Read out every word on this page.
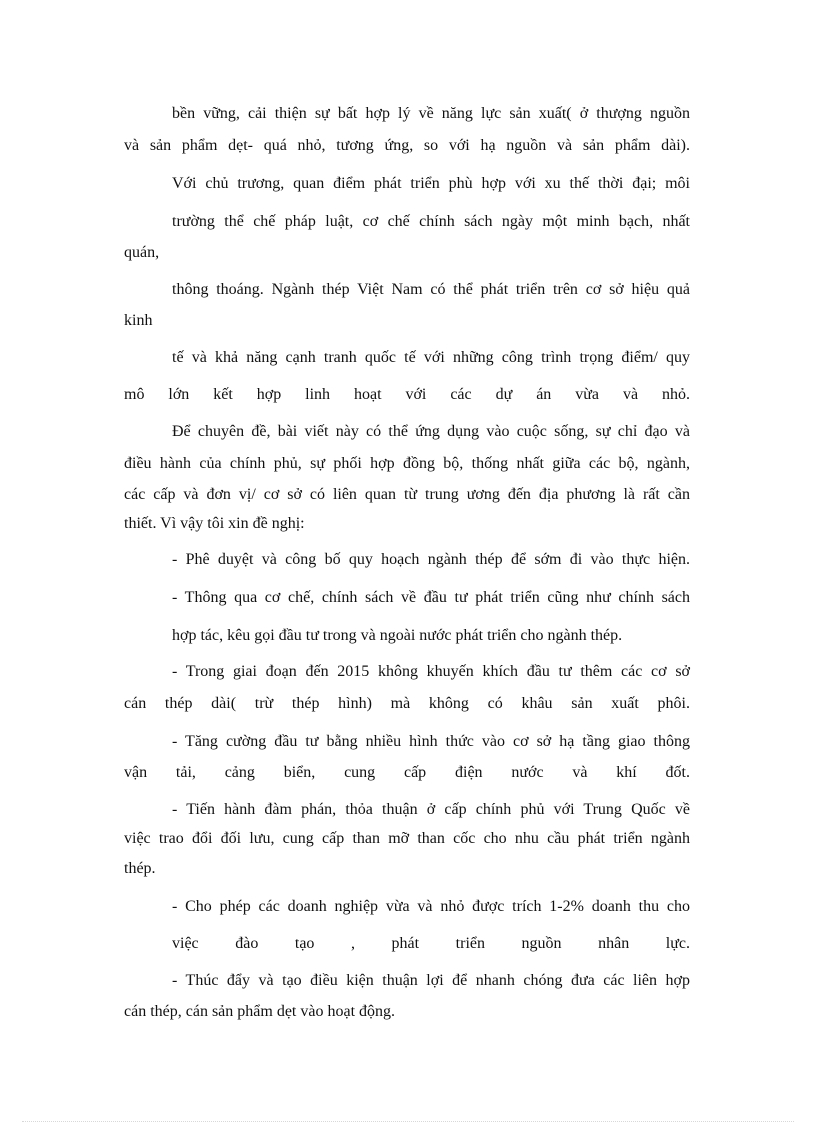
bền vững, cải thiện sự bất hợp lý về năng lực sản xuất( ở thượng nguồn
và sản phẩm dẹt- quá nhỏ, tương ứng, so với hạ nguồn và sản phẩm dài).
Với chủ trương, quan điểm phát triển phù hợp với xu thế thời đại; môi
trường thể chế pháp luật, cơ chế chính sách ngày một minh bạch, nhất
quán,
thông thoáng. Ngành thép Việt Nam có thể phát triển trên cơ sở hiệu quả
kinh
tế và khả năng cạnh tranh quốc tế với những công trình trọng điểm/ quy
mô lớn kết hợp linh hoạt với các dự án vừa và nhỏ.
Để chuyên đề, bài viết này có thể ứng dụng vào cuộc sống, sự chỉ đạo và
điều hành của chính phủ, sự phối hợp đồng bộ, thống nhất giữa các bộ, ngành,
các cấp và đơn vị/ cơ sở có liên quan từ trung ương đến địa phương là rất cần
thiết. Vì vậy tôi xin đề nghị:
- Phê duyệt và công bố quy hoạch ngành thép để sớm đi vào thực hiện.
- Thông qua cơ chế, chính sách về đầu tư phát triển cũng như chính sách
hợp tác, kêu gọi đầu tư trong và ngoài nước phát triển cho ngành thép.
- Trong giai đoạn đến 2015 không khuyến khích đầu tư thêm các cơ sở
cán thép dài( trừ thép hình) mà không có khâu sản xuất phôi.
- Tăng cường đầu tư bằng nhiều hình thức vào cơ sở hạ tầng giao thông
vận tải, cảng biển, cung cấp điện nước và khí đốt.
- Tiến hành đàm phán, thỏa thuận ở cấp chính phủ với Trung Quốc về
việc trao đổi đối lưu, cung cấp than mỡ than cốc cho nhu cầu phát triển ngành
thép.
- Cho phép các doanh nghiệp vừa và nhỏ được trích 1-2% doanh thu cho
việc đào tạo , phát triển nguồn nhân lực.
- Thúc đẩy và tạo điều kiện thuận lợi để nhanh chóng đưa các liên hợp
cán thép, cán sản phẩm dẹt vào hoạt động.
